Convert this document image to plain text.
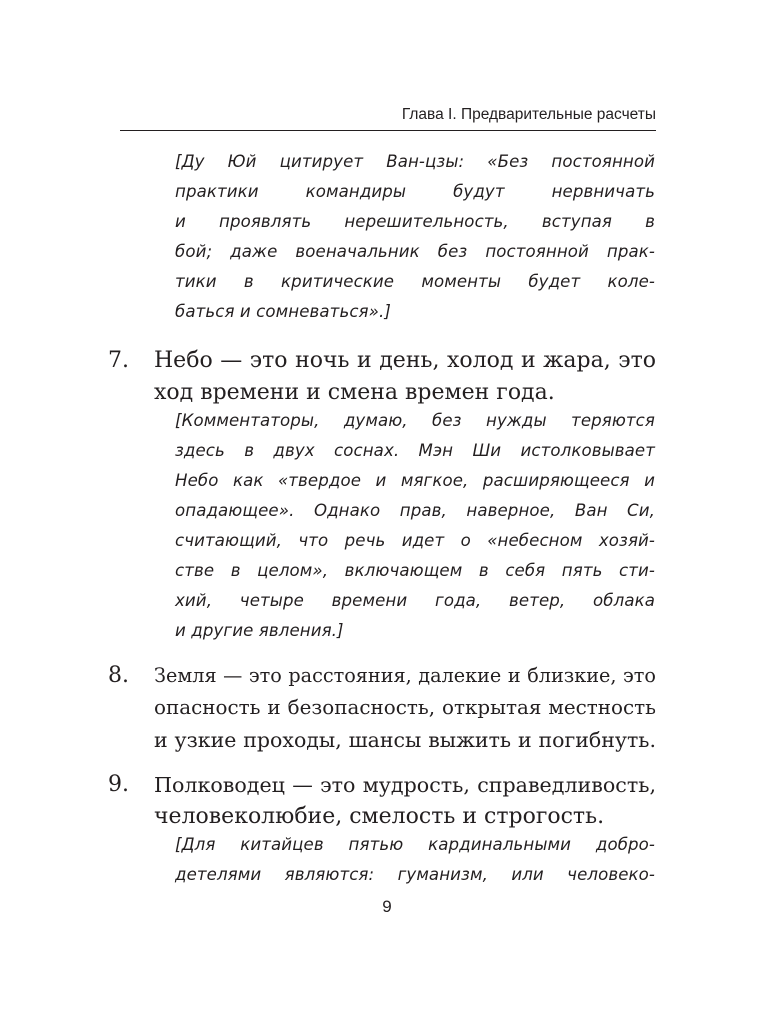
Глава I. Предварительные расчеты
[Ду Юй цитирует Ван-цзы: «Без постоянной
практики командиры будут нервничать
и проявлять нерешительность, вступая в
бой; даже военачальник без постоянной прак-
тики в критические моменты будет коле-
баться и сомневаться».]
7.	Небо — это ночь и день, холод и жара, это
ход времени и смена времен года.
[Комментаторы, думаю, без нужды теряются
здесь в двух соснах. Мэн Ши истолковывает
Небо как «твердое и мягкое, расширяющееся и
опадающее». Однако прав, наверное, Ван Си,
считающий, что речь идет о «небесном хозяй-
стве в целом», включающем в себя пять сти-
хий, четыре времени года, ветер, облака
и другие явления.]
8.	Земля — это расстояния, далекие и близкие, это
опасность и безопасность, открытая местность
и узкие проходы, шансы выжить и погибнуть.
9.	Полководец — это мудрость, справедливость,
человеколюбие, смелость и строгость.
[Для китайцев пятью кардинальными добро-
детелями являются: гуманизм, или человеко-
9
